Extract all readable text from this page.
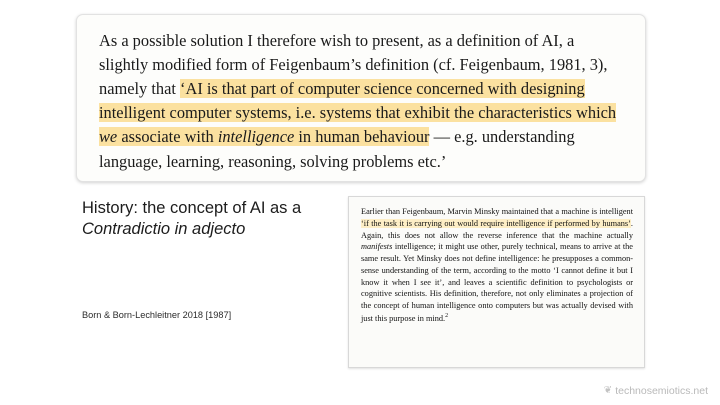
As a possible solution I therefore wish to present, as a definition of AI, a slightly modified form of Feigenbaum’s definition (cf. Feigenbaum, 1981, 3), namely that ‘AI is that part of computer science concerned with designing intelligent computer systems, i.e. systems that exhibit the characteristics which we associate with intelligence in human behaviour — e.g. understanding language, learning, reasoning, solving problems etc.’

History: the concept of AI as a Contradictio in adjecto

Born & Born-Lechleitner 2018 [1987]

Earlier than Feigenbaum, Marvin Minsky maintained that a machine is intelligent ‘if the task it is carrying out would require intelligence if performed by humans’. Again, this does not allow the reverse inference that the machine actually manifests intelligence; it might use other, purely technical, means to arrive at the same result. Yet Minsky does not define intelligence: he presupposes a common-sense understanding of the term, according to the motto ‘I cannot define it but I know it when I see it’, and leaves a scientific definition to psychologists or cognitive scientists. His definition, therefore, not only eliminates a projection of the concept of human intelligence onto computers but was actually devised with just this purpose in mind.$^2$

❦ technosemiotics.net
